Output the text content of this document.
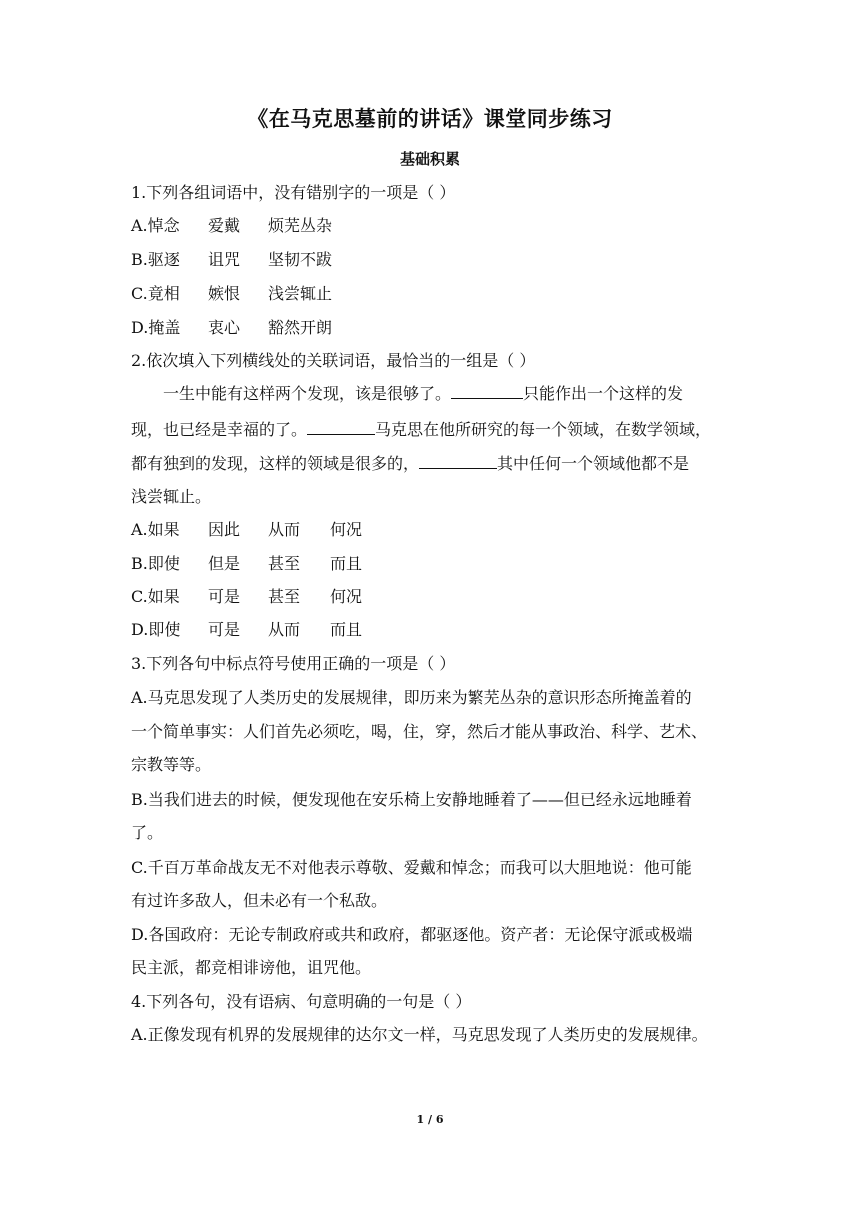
《在马克思墓前的讲话》课堂同步练习
基础积累
1.下列各组词语中，没有错别字的一项是（ ）
A.悼念 爱戴 烦芜丛杂
B.驱逐 诅咒 坚韧不跋
C.竟相 嫉恨 浅尝辄止
D.掩盖 衷心 豁然开朗
2.依次填入下列横线处的关联词语，最恰当的一组是（ ）
一生中能有这样两个发现，该是很够了。	只能作出一个这样的发
现，也已经是幸福的了。	马克思在他所研究的每一个领域，在数学领域，
都有独到的发现，这样的领域是很多的，	其中任何一个领域他都不是
浅尝辄止。
A.如果 因此 从而 何况
B.即使 但是 甚至 而且
C.如果 可是 甚至 何况
D.即使 可是 从而 而且
3.下列各句中标点符号使用正确的一项是（ ）
A.马克思发现了人类历史的发展规律，即历来为繁芜丛杂的意识形态所掩盖着的
一个简单事实：人们首先必须吃，喝，住，穿，然后才能从事政治、科学、艺术、
宗教等等。
B.当我们进去的时候，便发现他在安乐椅上安静地睡着了——但已经永远地睡着
了。
C.千百万革命战友无不对他表示尊敬、爱戴和悼念；而我可以大胆地说：他可能
有过许多敌人，但未必有一个私敌。
D.各国政府：无论专制政府或共和政府，都驱逐他。资产者：无论保守派或极端
民主派，都竞相诽谤他，诅咒他。
4.下列各句，没有语病、句意明确的一句是（ ）
A.正像发现有机界的发展规律的达尔文一样，马克思发现了人类历史的发展规律。
1 / 6
